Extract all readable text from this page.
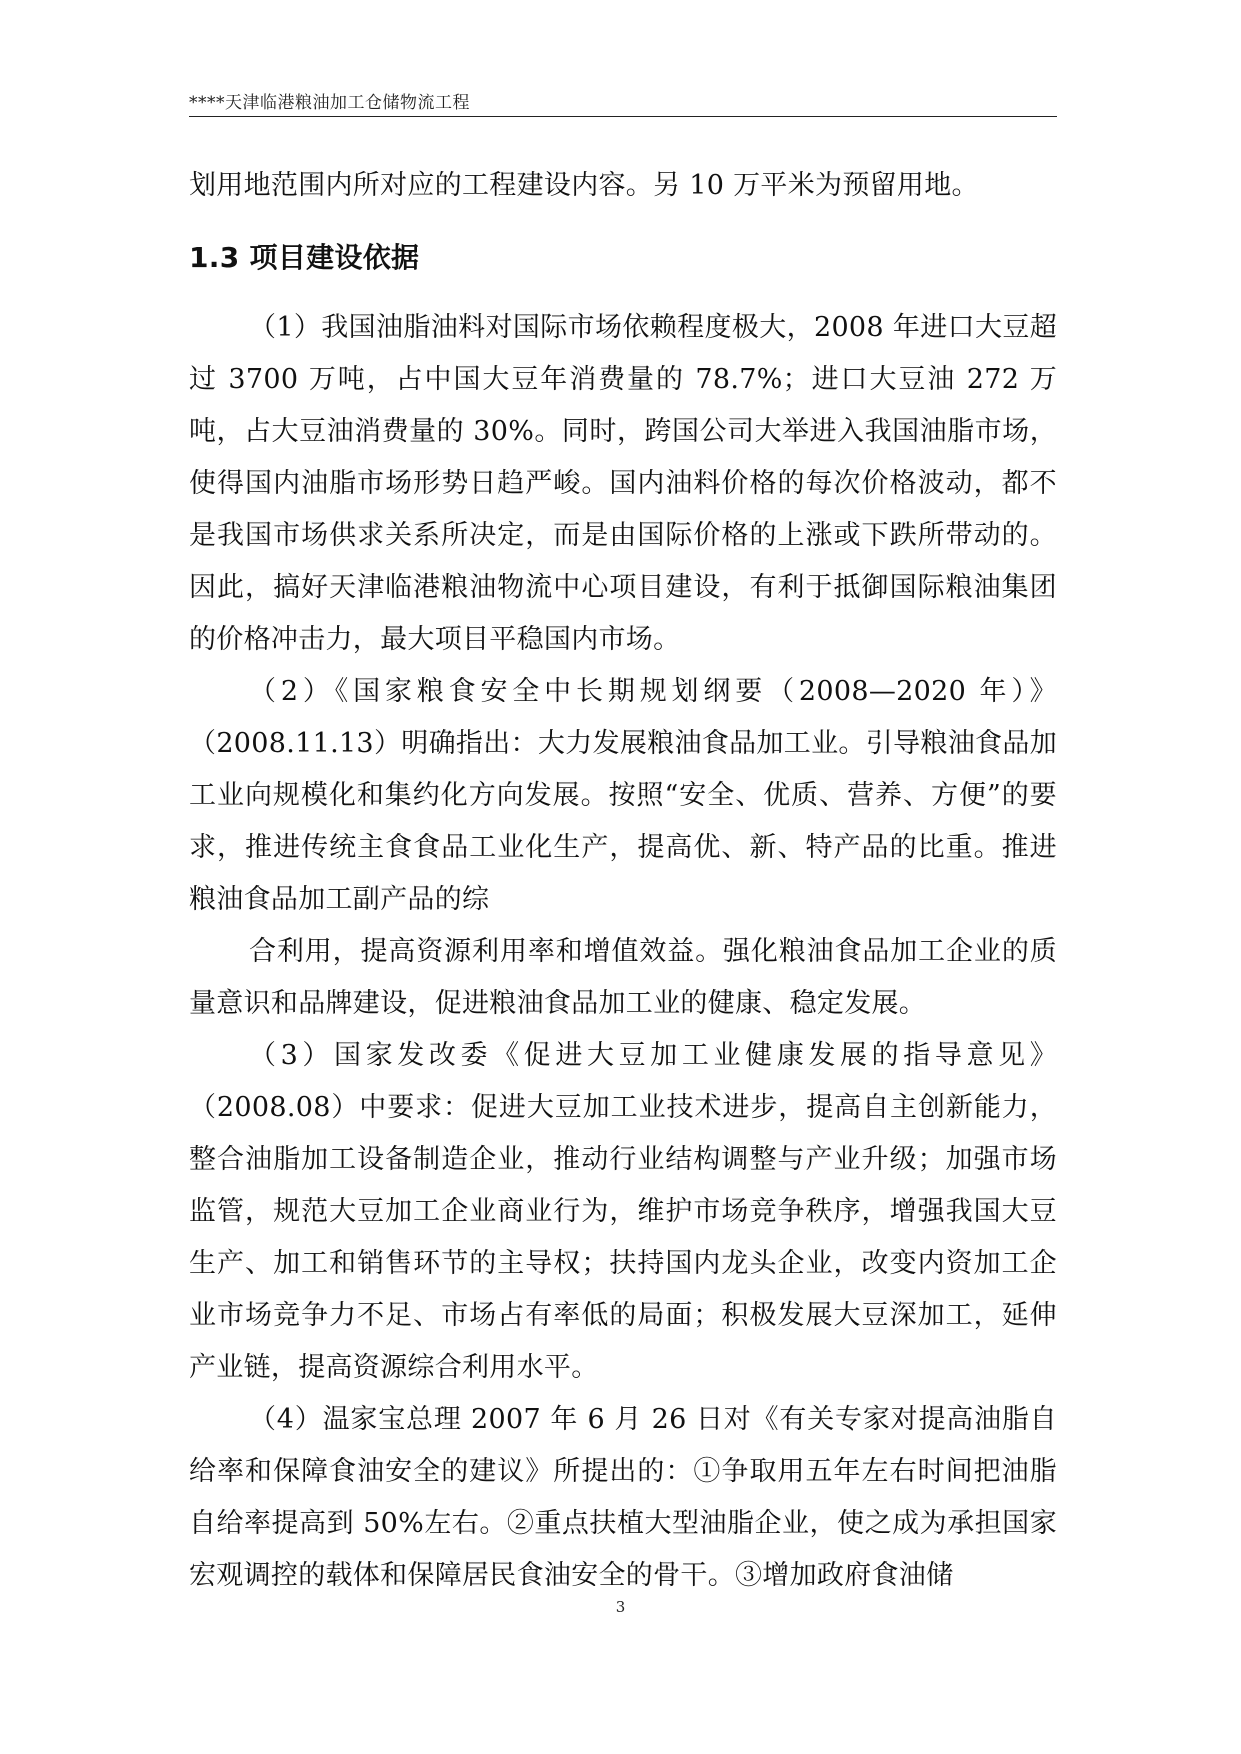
****天津临港粮油加工仓储物流工程

划用地范围内所对应的工程建设内容。另 10 万平米为预留用地。

1.3 项目建设依据

（1）我国油脂油料对国际市场依赖程度极大，2008 年进口大豆超过 3700 万吨，占中国大豆年消费量的 78.7%；进口大豆油 272 万吨，占大豆油消费量的 30%。同时，跨国公司大举进入我国油脂市场，使得国内油脂市场形势日趋严峻。国内油料价格的每次价格波动，都不是我国市场供求关系所决定，而是由国际价格的上涨或下跌所带动的。因此，搞好天津临港粮油物流中心项目建设，有利于抵御国际粮油集团的价格冲击力，最大项目平稳国内市场。

（2）《国家粮食安全中长期规划纲要（2008—2020 年）》（2008.11.13）明确指出：大力发展粮油食品加工业。引导粮油食品加工业向规模化和集约化方向发展。按照“安全、优质、营养、方便”的要求，推进传统主食食品工业化生产，提高优、新、特产品的比重。推进粮油食品加工副产品的综

合利用，提高资源利用率和增值效益。强化粮油食品加工企业的质量意识和品牌建设，促进粮油食品加工业的健康、稳定发展。

（3）国家发改委《促进大豆加工业健康发展的指导意见》（2008.08）中要求：促进大豆加工业技术进步，提高自主创新能力，整合油脂加工设备制造企业，推动行业结构调整与产业升级；加强市场监管，规范大豆加工企业商业行为，维护市场竞争秩序，增强我国大豆生产、加工和销售环节的主导权；扶持国内龙头企业，改变内资加工企业市场竞争力不足、市场占有率低的局面；积极发展大豆深加工，延伸产业链，提高资源综合利用水平。

（4）温家宝总理 2007 年 6 月 26 日对《有关专家对提高油脂自给率和保障食油安全的建议》所提出的：①争取用五年左右时间把油脂自给率提高到 50%左右。②重点扶植大型油脂企业，使之成为承担国家宏观调控的载体和保障居民食油安全的骨干。③增加政府食油储

3
